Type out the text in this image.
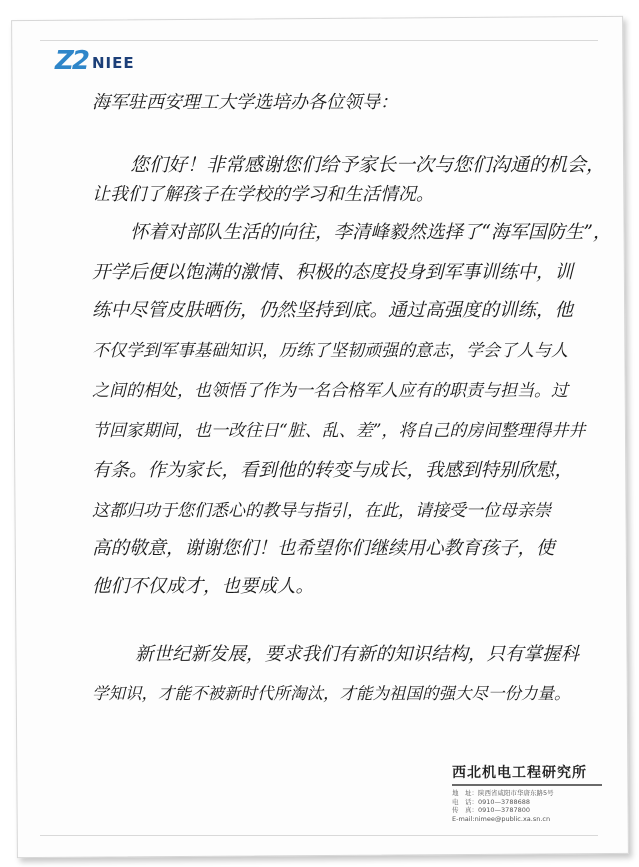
Z2 NIEE
海军驻西安理工大学选培办各位领导：
您们好！非常感谢您们给予家长一次与您们沟通的机会，
让我们了解孩子在学校的学习和生活情况。
怀着对部队生活的向往，李清峰毅然选择了“海军国防生”，
开学后便以饱满的激情、积极的态度投身到军事训练中，训
练中尽管皮肤晒伤，仍然坚持到底。通过高强度的训练，他
不仅学到军事基础知识，历练了坚韧顽强的意志，学会了人与人
之间的相处，也领悟了作为一名合格军人应有的职责与担当。过
节回家期间，也一改往日“脏、乱、差”，将自己的房间整理得井井
有条。作为家长，看到他的转变与成长，我感到特别欣慰，
这都归功于您们悉心的教导与指引，在此，请接受一位母亲崇
高的敬意，谢谢您们！也希望你们继续用心教育孩子，使
他们不仅成才，也要成人。
新世纪新发展，要求我们有新的知识结构，只有掌握科
学知识，才能不被新时代所淘汰，才能为祖国的强大尽一份力量。
西北机电工程研究所
地　址：陕西省咸阳市华唐东路5号
电　话：0910—3788688
传　真：0910—3787800
E-mail:nimee@public.xa.sn.cn
